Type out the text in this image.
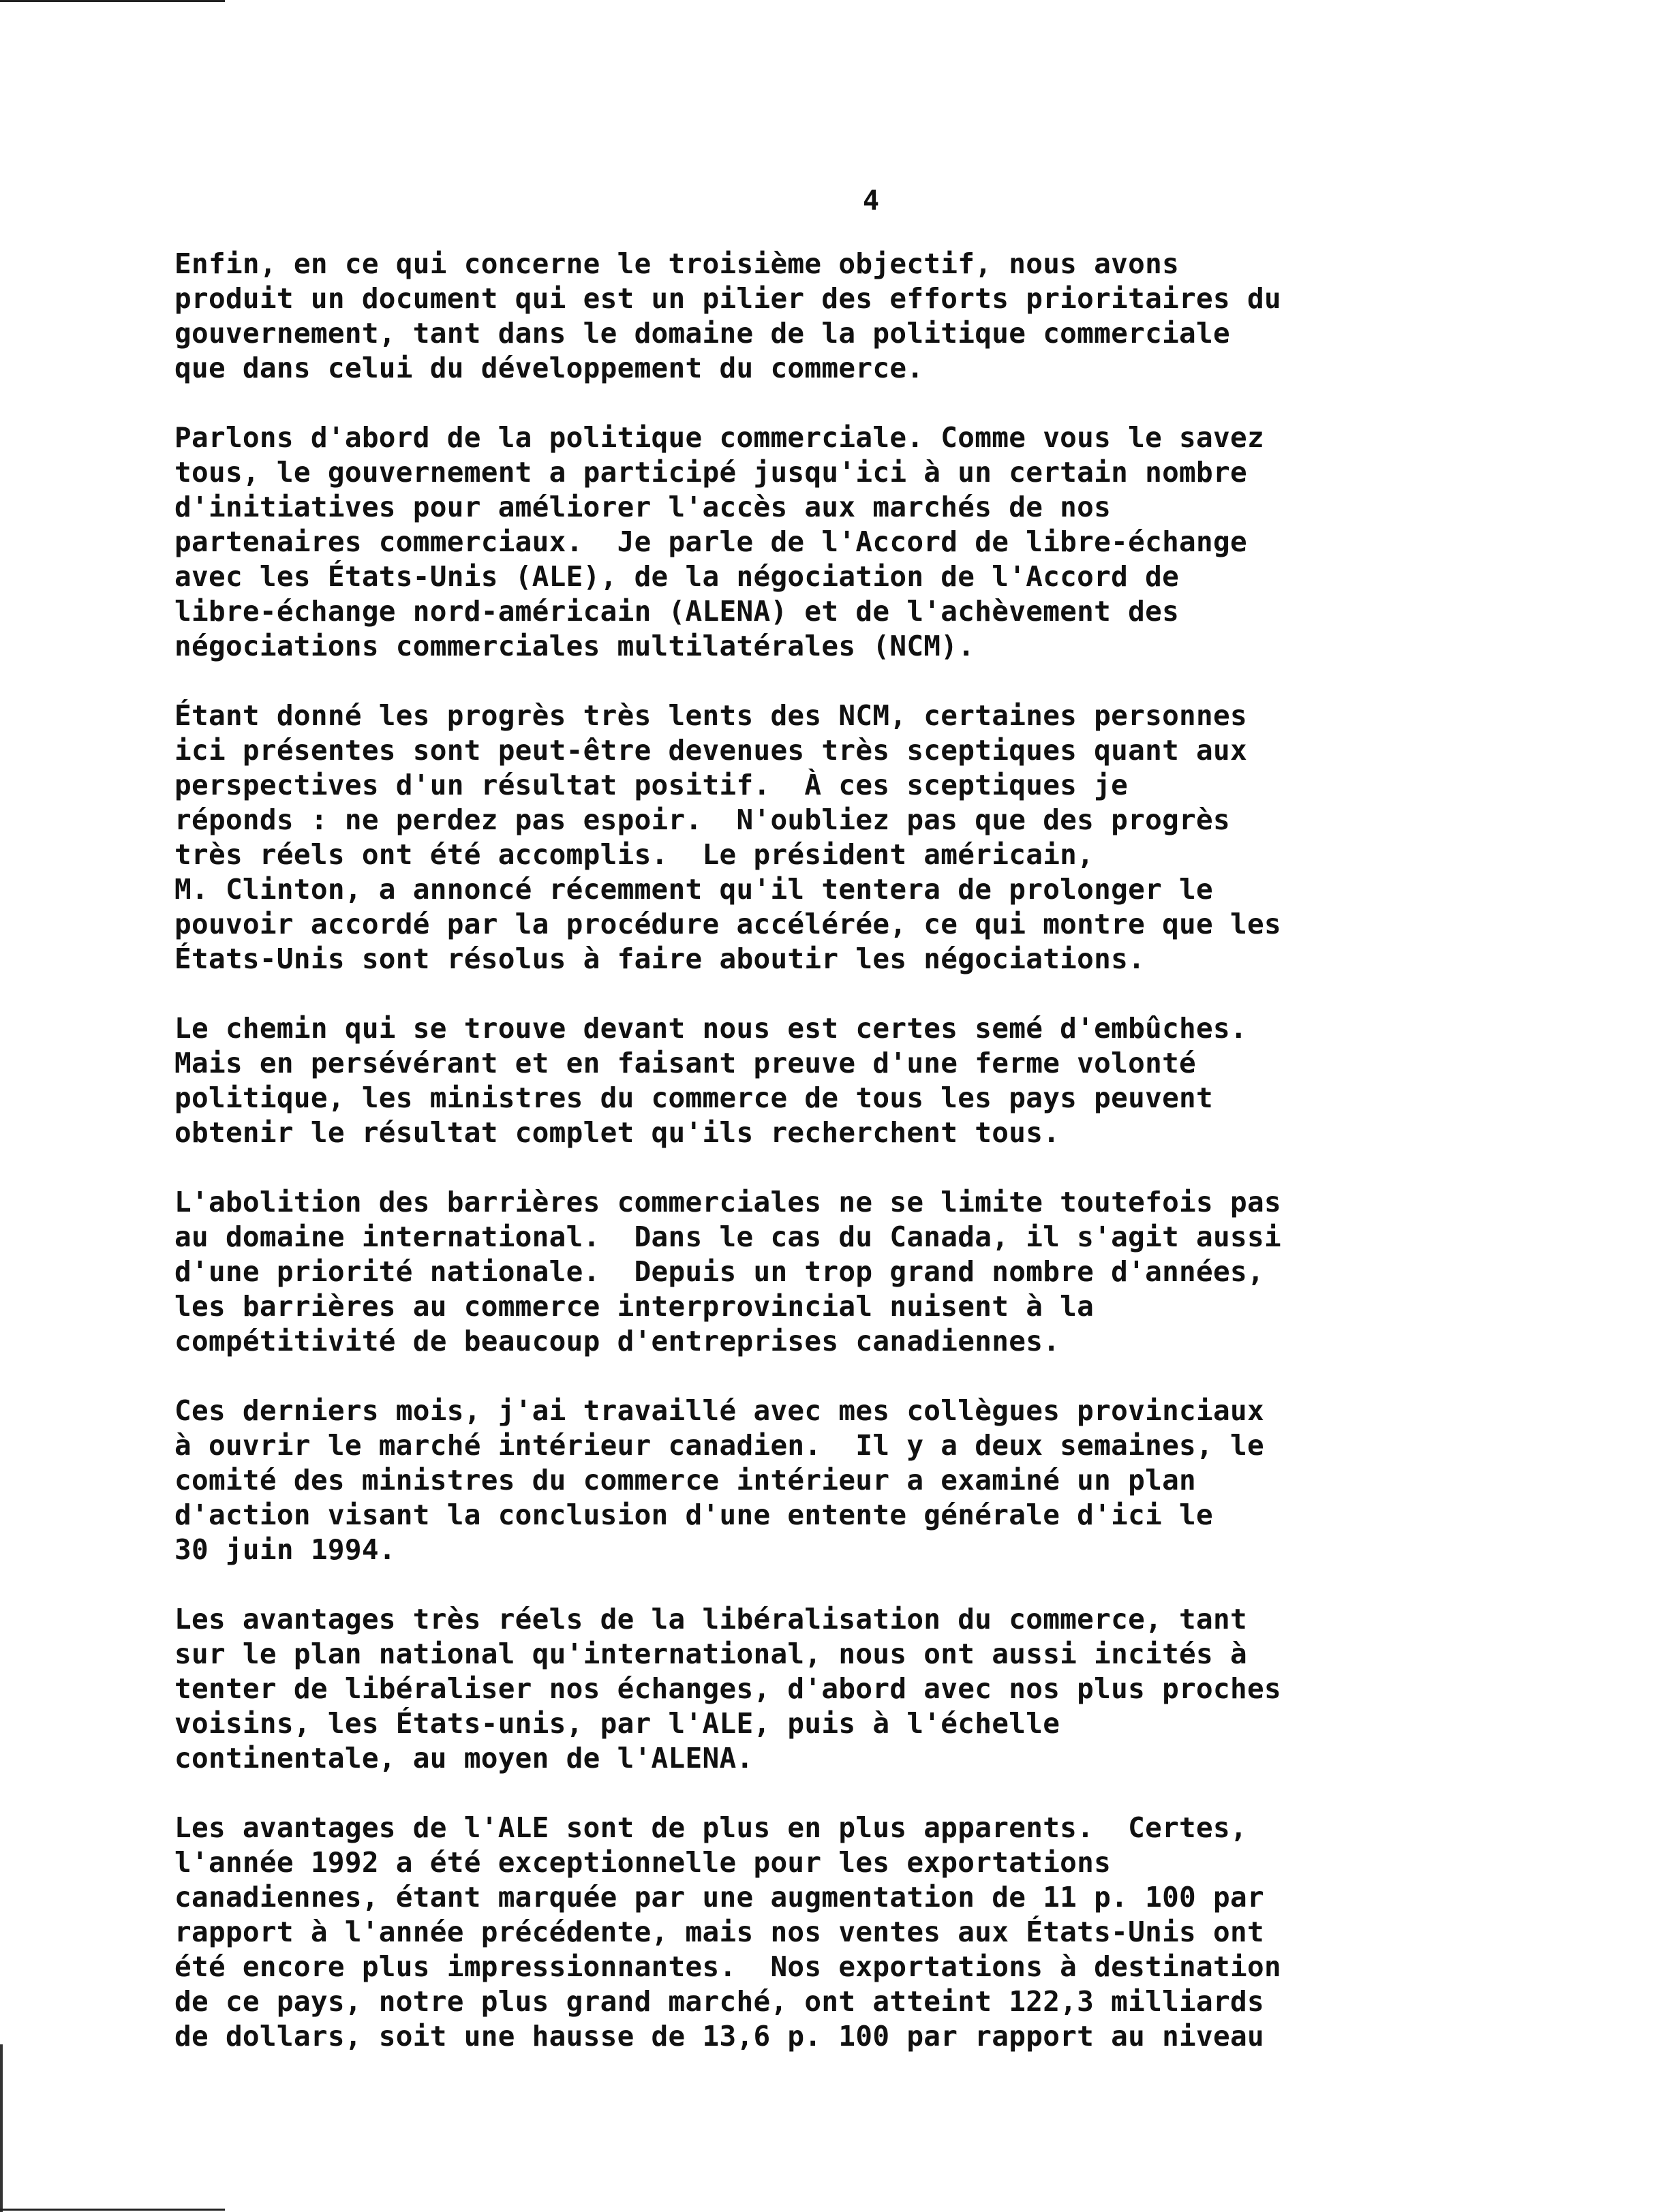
4
Enfin, en ce qui concerne le troisième objectif, nous avons
produit un document qui est un pilier des efforts prioritaires du
gouvernement, tant dans le domaine de la politique commerciale
que dans celui du développement du commerce.
Parlons d'abord de la politique commerciale. Comme vous le savez
tous, le gouvernement a participé jusqu'ici à un certain nombre
d'initiatives pour améliorer l'accès aux marchés de nos
partenaires commerciaux.  Je parle de l'Accord de libre-échange
avec les États-Unis (ALE), de la négociation de l'Accord de
libre-échange nord-américain (ALENA) et de l'achèvement des
négociations commerciales multilatérales (NCM).
Étant donné les progrès très lents des NCM, certaines personnes
ici présentes sont peut-être devenues très sceptiques quant aux
perspectives d'un résultat positif.  À ces sceptiques je
réponds : ne perdez pas espoir.  N'oubliez pas que des progrès
très réels ont été accomplis.  Le président américain,
M. Clinton, a annoncé récemment qu'il tentera de prolonger le
pouvoir accordé par la procédure accélérée, ce qui montre que les
États-Unis sont résolus à faire aboutir les négociations.
Le chemin qui se trouve devant nous est certes semé d'embûches.
Mais en persévérant et en faisant preuve d'une ferme volonté
politique, les ministres du commerce de tous les pays peuvent
obtenir le résultat complet qu'ils recherchent tous.
L'abolition des barrières commerciales ne se limite toutefois pas
au domaine international.  Dans le cas du Canada, il s'agit aussi
d'une priorité nationale.  Depuis un trop grand nombre d'années,
les barrières au commerce interprovincial nuisent à la
compétitivité de beaucoup d'entreprises canadiennes.
Ces derniers mois, j'ai travaillé avec mes collègues provinciaux
à ouvrir le marché intérieur canadien.  Il y a deux semaines, le
comité des ministres du commerce intérieur a examiné un plan
d'action visant la conclusion d'une entente générale d'ici le
30 juin 1994.
Les avantages très réels de la libéralisation du commerce, tant
sur le plan national qu'international, nous ont aussi incités à
tenter de libéraliser nos échanges, d'abord avec nos plus proches
voisins, les États-unis, par l'ALE, puis à l'échelle
continentale, au moyen de l'ALENA.
Les avantages de l'ALE sont de plus en plus apparents.  Certes,
l'année 1992 a été exceptionnelle pour les exportations
canadiennes, étant marquée par une augmentation de 11 p. 100 par
rapport à l'année précédente, mais nos ventes aux États-Unis ont
été encore plus impressionnantes.  Nos exportations à destination
de ce pays, notre plus grand marché, ont atteint 122,3 milliards
de dollars, soit une hausse de 13,6 p. 100 par rapport au niveau
